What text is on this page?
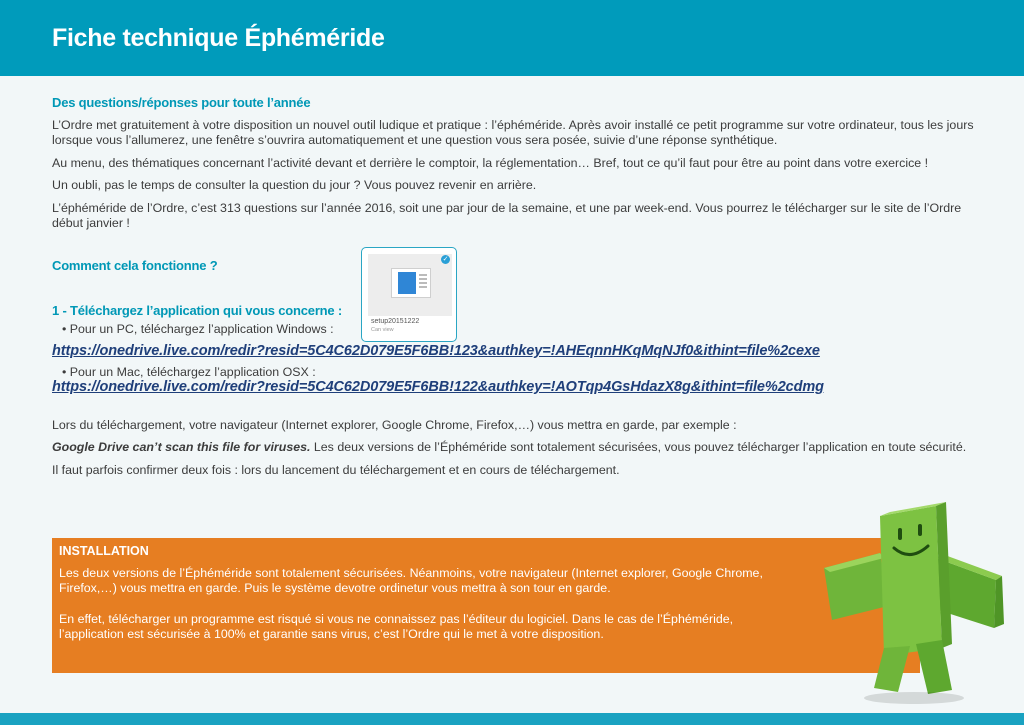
Fiche technique Éphéméride

Des questions/réponses pour toute l’année

L’Ordre met gratuitement à votre disposition un nouvel outil ludique et pratique : l’éphéméride. Après avoir installé ce petit programme sur votre ordinateur, tous les jours lorsque vous l’allumerez, une fenêtre s’ouvrira automatiquement et une question vous sera posée, suivie d’une réponse synthétique.

Au menu, des thématiques concernant l’activité devant et derrière le comptoir, la réglementation… Bref, tout ce qu’il faut pour être au point dans votre exercice !

Un oubli, pas le temps de consulter la question du jour ? Vous pouvez revenir en arrière.

L’éphéméride de l’Ordre, c’est 313 questions sur l’année 2016, soit une par jour de la semaine, et une par week-end. Vous pourrez le télécharger sur le site de l’Ordre début janvier !

Comment cela fonctionne ?

1 - Téléchargez l’application qui vous concerne :

• Pour un PC, téléchargez l’application Windows :

https://onedrive.live.com/redir?resid=5C4C62D079E5F6BB!123&authkey=!AHEqnnHKqMqNJf0&ithint=file%2cexe

• Pour un Mac, téléchargez l’application OSX :

https://onedrive.live.com/redir?resid=5C4C62D079E5F6BB!122&authkey=!AOTqp4GsHdazX8g&ithint=file%2cdmg

Lors du téléchargement, votre navigateur (Internet explorer, Google Chrome, Firefox,…) vous mettra en garde, par exemple :

Google Drive can’t scan this file for viruses. Les deux versions de l’Éphéméride sont totalement sécurisées, vous pouvez télécharger l’application en toute sécurité.

Il faut parfois confirmer deux fois : lors du lancement du téléchargement et en cours de téléchargement.

✓
setup20151222
Can view
INSTALLATION

Les deux versions de l’Éphéméride sont totalement sécurisées. Néanmoins, votre navigateur (Internet explorer, Google Chrome, Firefox,…) vous mettra en garde. Puis le système devotre ordinetur vous mettra à son tour en garde.

En effet, télécharger un programme est risqué si vous ne connaissez pas l’éditeur du logiciel. Dans le cas de l’Éphéméride, l’application est sécurisée à 100% et garantie sans virus, c’est l’Ordre qui le met à votre disposition.
